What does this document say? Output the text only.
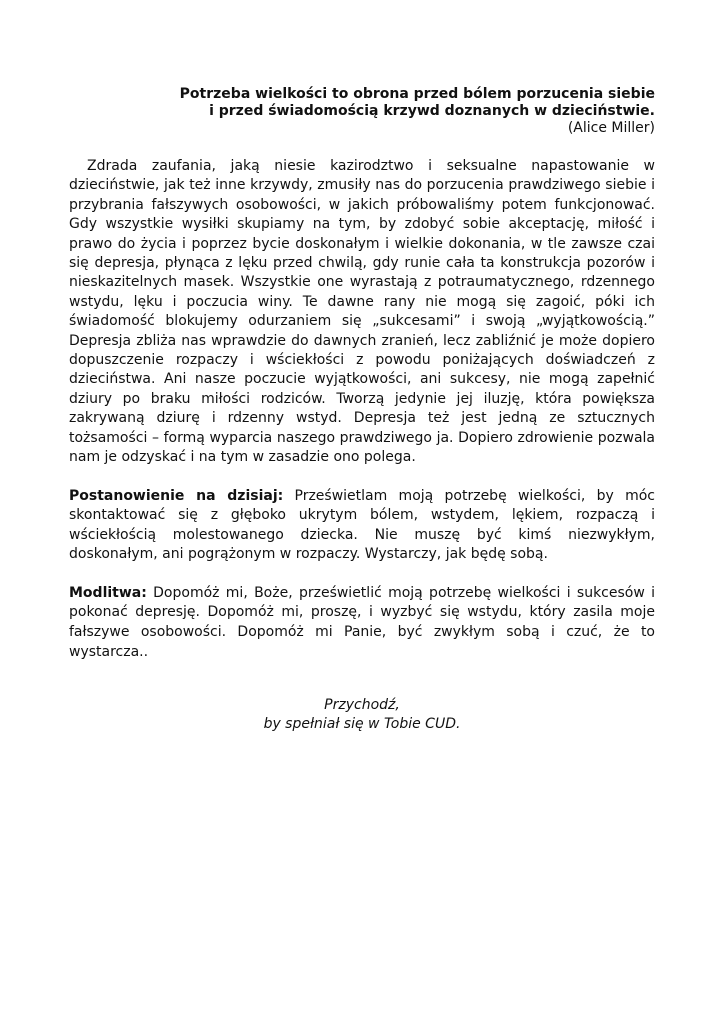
Potrzeba wielkości to obrona przed bólem porzucenia siebie
i przed świadomością krzywd doznanych w dzieciństwie.
(Alice Miller)

Zdrada zaufania, jaką niesie kazirodztwo i seksualne napastowanie w dzieciństwie, jak też inne krzywdy, zmusiły nas do porzucenia prawdziwego siebie i przybrania fałszywych osobowości, w jakich próbowaliśmy potem funkcjonować. Gdy wszystkie wysiłki skupiamy na tym, by zdobyć sobie akceptację, miłość i prawo do życia i poprzez bycie doskonałym i wielkie dokonania, w tle zawsze czai się depresja, płynąca z lęku przed chwilą, gdy runie cała ta konstrukcja pozorów i nieskazitelnych masek. Wszystkie one wyrastają z potraumatycznego, rdzennego wstydu, lęku i poczucia winy. Te dawne rany nie mogą się zagoić, póki ich świadomość blokujemy odurzaniem się „sukcesami” i swoją „wyjątkowością.” Depresja zbliża nas wprawdzie do dawnych zranień, lecz zabliźnić je może dopiero dopuszczenie rozpaczy i wściekłości z powodu poniżających doświadczeń z dzieciństwa. Ani nasze poczucie wyjątkowości, ani sukcesy, nie mogą zapełnić dziury po braku miłości rodziców. Tworzą jedynie jej iluzję, która powiększa zakrywaną dziurę i rdzenny wstyd. Depresja też jest jedną ze sztucznych tożsamości – formą wyparcia naszego prawdziwego ja. Dopiero zdrowienie pozwala nam je odzyskać i na tym w zasadzie ono polega.

Postanowienie na dzisiaj: Prześwietlam moją potrzebę wielkości, by móc skontaktować się z głęboko ukrytym bólem, wstydem, lękiem, rozpaczą i wściekłością molestowanego dziecka. Nie muszę być kimś niezwykłym, doskonałym, ani pogrążonym w rozpaczy. Wystarczy, jak będę sobą.

Modlitwa: Dopomóż mi, Boże, prześwietlić moją potrzebę wielkości i sukcesów i pokonać depresję. Dopomóż mi, proszę, i wyzbyć się wstydu, który zasila moje fałszywe osobowości. Dopomóż mi Panie, być zwykłym sobą i czuć, że to wystarcza..

Przychodź,
by spełniał się w Tobie CUD.
